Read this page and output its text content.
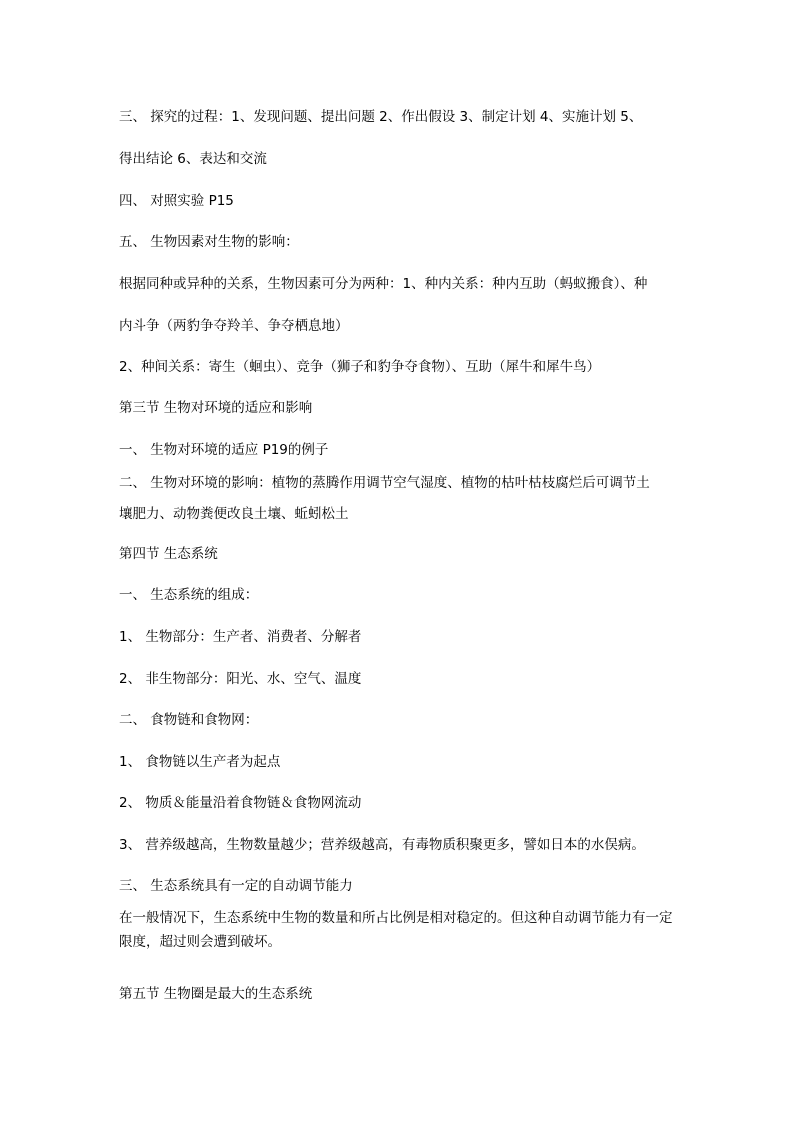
三、 探究的过程：1、发现问题、提出问题 2、作出假设 3、制定计划 4、实施计划 5、
得出结论 6、表达和交流
四、 对照实验 P15
五、 生物因素对生物的影响：
根据同种或异种的关系，生物因素可分为两种：1、种内关系：种内互助（蚂蚁搬食）、种
内斗争（两豹争夺羚羊、争夺栖息地）
2、种间关系：寄生（蛔虫）、竞争（狮子和豹争夺食物）、互助（犀牛和犀牛鸟）
第三节 生物对环境的适应和影响
一、 生物对环境的适应 P19的例子
二、 生物对环境的影响：植物的蒸腾作用调节空气湿度、植物的枯叶枯枝腐烂后可调节土
壤肥力、动物粪便改良土壤、蚯蚓松土
第四节 生态系统
一、 生态系统的组成：
1、 生物部分：生产者、消费者、分解者
2、 非生物部分：阳光、水、空气、温度
二、 食物链和食物网：
1、 食物链以生产者为起点
2、 物质＆能量沿着食物链＆食物网流动
3、 营养级越高，生物数量越少；营养级越高，有毒物质积聚更多，譬如日本的水俣病。
三、 生态系统具有一定的自动调节能力
在一般情况下，生态系统中生物的数量和所占比例是相对稳定的。但这种自动调节能力有一定限度，超过则会遭到破坏。
第五节 生物圈是最大的生态系统
